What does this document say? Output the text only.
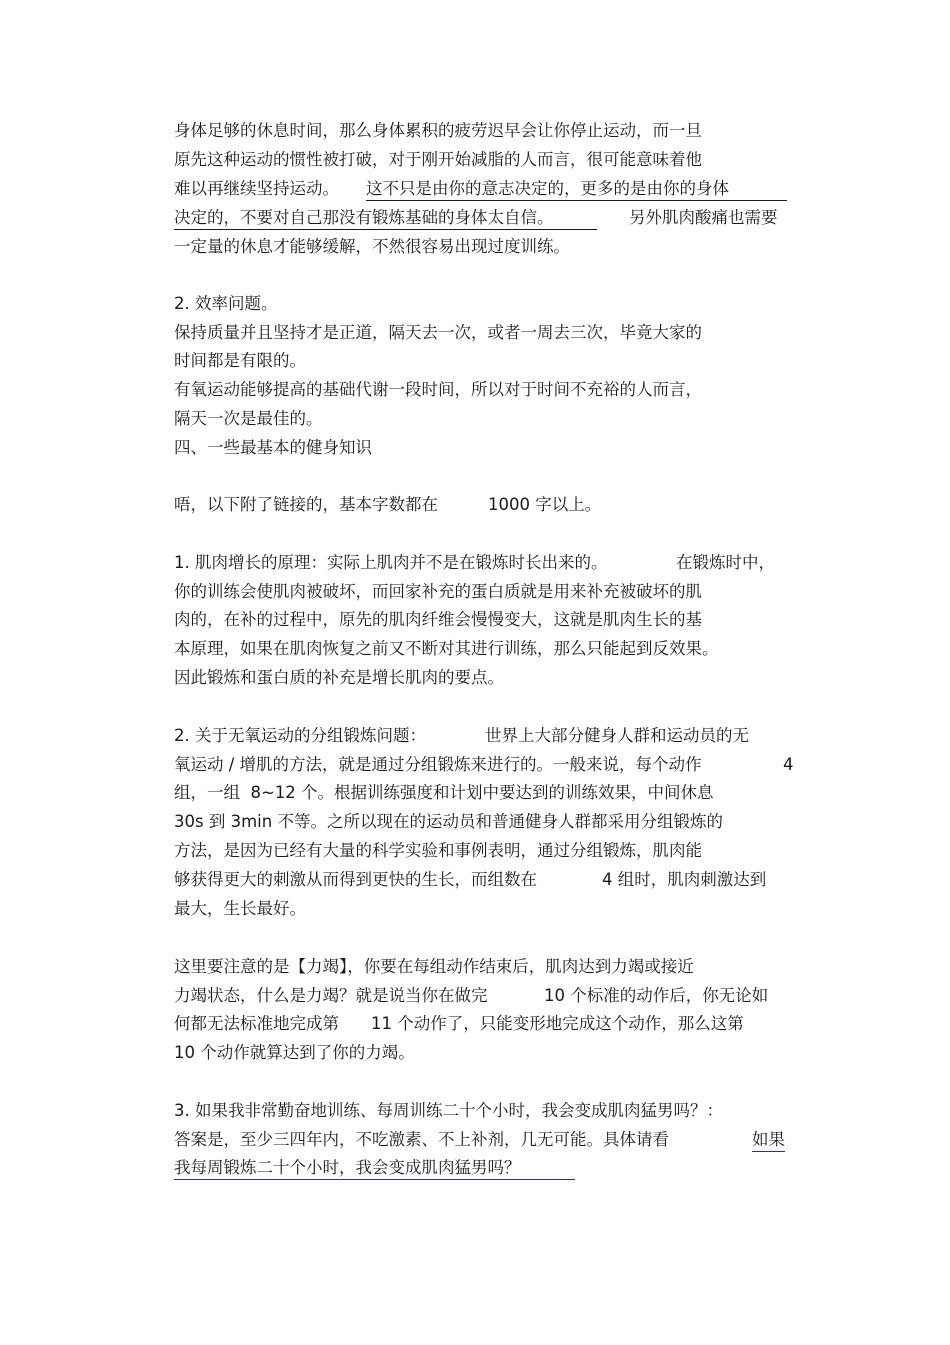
身体足够的休息时间，那么身体累积的疲劳迟早会让你停止运动，而一旦
原先这种运动的惯性被打破，对于刚开始减脂的人而言，很可能意味着他
难以再继续坚持运动。 这不只是由你的意志决定的，更多的是由你的身体
决定的，不要对自己那没有锻炼基础的身体太自信。	另外肌肉酸痛也需要
一定量的休息才能够缓解，不然很容易出现过度训练。
2. 效率问题。
保持质量并且坚持才是正道，隔天去一次，或者一周去三次，毕竟大家的
时间都是有限的。
有氧运动能够提高的基础代谢一段时间，所以对于时间不充裕的人而言，
隔天一次是最佳的。
四、一些最基本的健身知识
唔，以下附了链接的，基本字数都在	1000 字以上。
1. 肌肉增长的原理：实际上肌肉并不是在锻炼时长出来的。	在锻炼时中，
你的训练会使肌肉被破坏，而回家补充的蛋白质就是用来补充被破坏的肌
肉的，在补的过程中，原先的肌肉纤维会慢慢变大，这就是肌肉生长的基
本原理，如果在肌肉恢复之前又不断对其进行训练，那么只能起到反效果。
因此锻炼和蛋白质的补充是增长肌肉的要点。
2. 关于无氧运动的分组锻炼问题：	世界上大部分健身人群和运动员的无
氧运动 / 增肌的方法，就是通过分组锻炼来进行的。一般来说，每个动作	4
组，一组  8~12 个。根据训练强度和计划中要达到的训练效果，中间休息
30s 到 3min 不等。之所以现在的运动员和普通健身人群都采用分组锻炼的
方法，是因为已经有大量的科学实验和事例表明，通过分组锻炼，肌肉能
够获得更大的刺激从而得到更快的生长，而组数在	4 组时，肌肉刺激达到
最大，生长最好。
这里要注意的是【力竭】，你要在每组动作结束后，肌肉达到力竭或接近
力竭状态，什么是力竭？就是说当你在做完	10 个标准的动作后，你无论如
何都无法标准地完成第 11 个动作了，只能变形地完成这个动作，那么这第
10 个动作就算达到了你的力竭。
3. 如果我非常勤奋地训练、每周训练二十个小时，我会变成肌肉猛男吗？：
答案是，至少三四年内，不吃激素、不上补剂，几无可能。具体请看	如果
我每周锻炼二十个小时，我会变成肌肉猛男吗？
